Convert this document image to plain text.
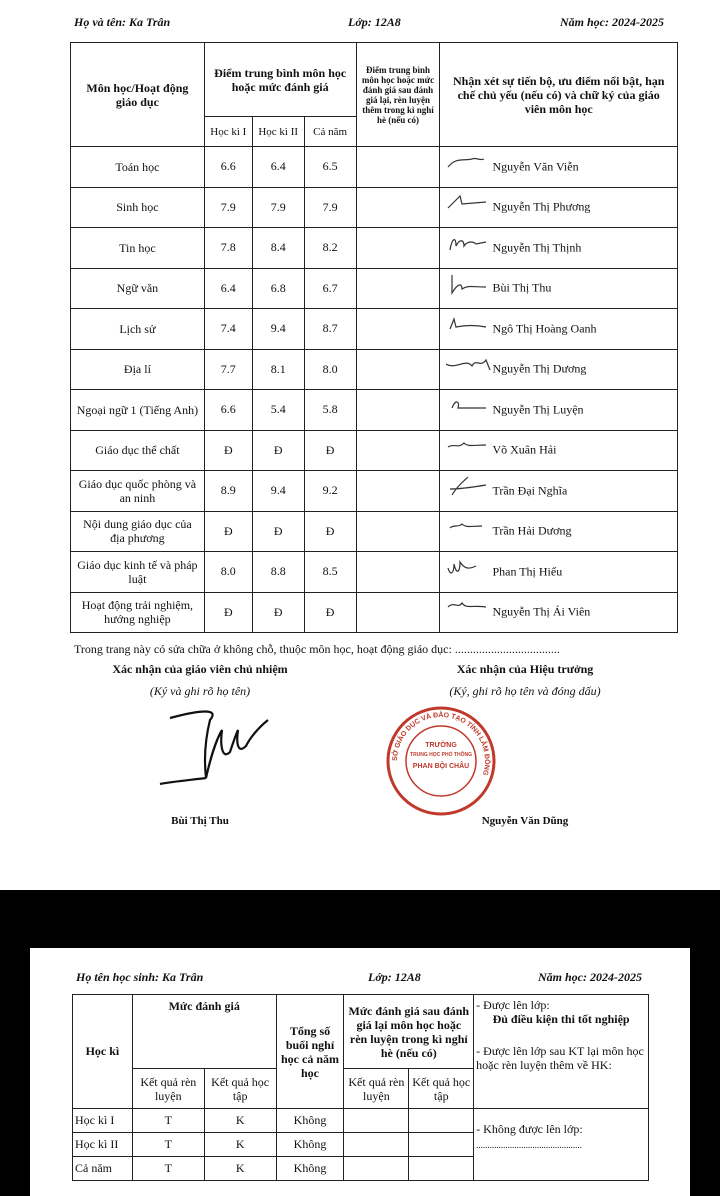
Họ và tên: Ka Trân	Lớp: 12A8	Năm học: 2024-2025
Môn học/Hoạt động giáo dục	Điểm trung bình môn học hoặc mức đánh giá			Điểm trung bình môn học hoặc mức đánh giá sau đánh giá lại, rèn luyện thêm trong kì nghỉ hè (nếu có)	Nhận xét sự tiến bộ, ưu điểm nổi bật, hạn chế chủ yếu (nếu có) và chữ ký của giáo viên môn học
	Học kì I	Học kì II	Cả năm		
Toán học	6.6	6.4	6.5		Nguyễn Văn Viễn

Sinh học	7.9	7.9	7.9		Nguyễn Thị Phương

Tin học	7.8	8.4	8.2		Nguyễn Thị Thịnh

Ngữ văn	6.4	6.8	6.7		Bùi Thị Thu

Lịch sử	7.4	9.4	8.7		Ngô Thị Hoàng Oanh

Địa lí	7.7	8.1	8.0		Nguyễn Thị Dương

Ngoại ngữ 1 (Tiếng Anh)	6.6	5.4	5.8		Nguyễn Thị Luyện

Giáo dục thể chất	Đ	Đ	Đ		Võ Xuân Hải

Giáo dục quốc phòng và an ninh	8.9	9.4	9.2		Trần Đại Nghĩa

Nội dung giáo dục của địa phương	Đ	Đ	Đ		Trần Hải Dương

Giáo dục kinh tế và pháp luật	8.0	8.8	8.5		Phan Thị Hiếu

Hoạt động trải nghiệm, hướng nghiệp	Đ	Đ	Đ		Nguyễn Thị Ái Viên
Trong trang này có sửa chữa ở không chỗ, thuộc môn học, hoạt động giáo dục: ...................................
Xác nhận của giáo viên chủ nhiệm
(Ký và ghi rõ họ tên)
Bùi Thị Thu
Xác nhận của Hiệu trưởng
(Ký, ghi rõ họ tên và đóng dấu)
SỞ GIÁO DỤC VÀ ĐÀO TẠO TỈNH LÂM ĐỒNG
TRƯỜNG
TRUNG HỌC PHỔ THÔNG
PHAN BỘI CHÂU
Nguyễn Văn Dũng
Họ tên học sinh: Ka Trân	Lớp: 12A8	Năm học: 2024-2025
Học kì	Mức đánh giá		Tổng số buổi nghỉ học cả năm học	Mức đánh giá sau đánh giá lại môn học hoặc rèn luyện trong kì nghỉ hè (nếu có)		- Được lên lớp:
Đủ điều kiện thi tốt nghiệp
- Được lên lớp sau KT lại môn học hoặc rèn luyện thêm về HK:

	Kết quả rèn luyện	Kết quả học tập		Kết quả rèn luyện	Kết quả học tập	
Học kì I	T	K	Không			- Không được lên lớp:
...............................................

Học kì II	T	K	Không			
Cả năm	T	K	Không			
